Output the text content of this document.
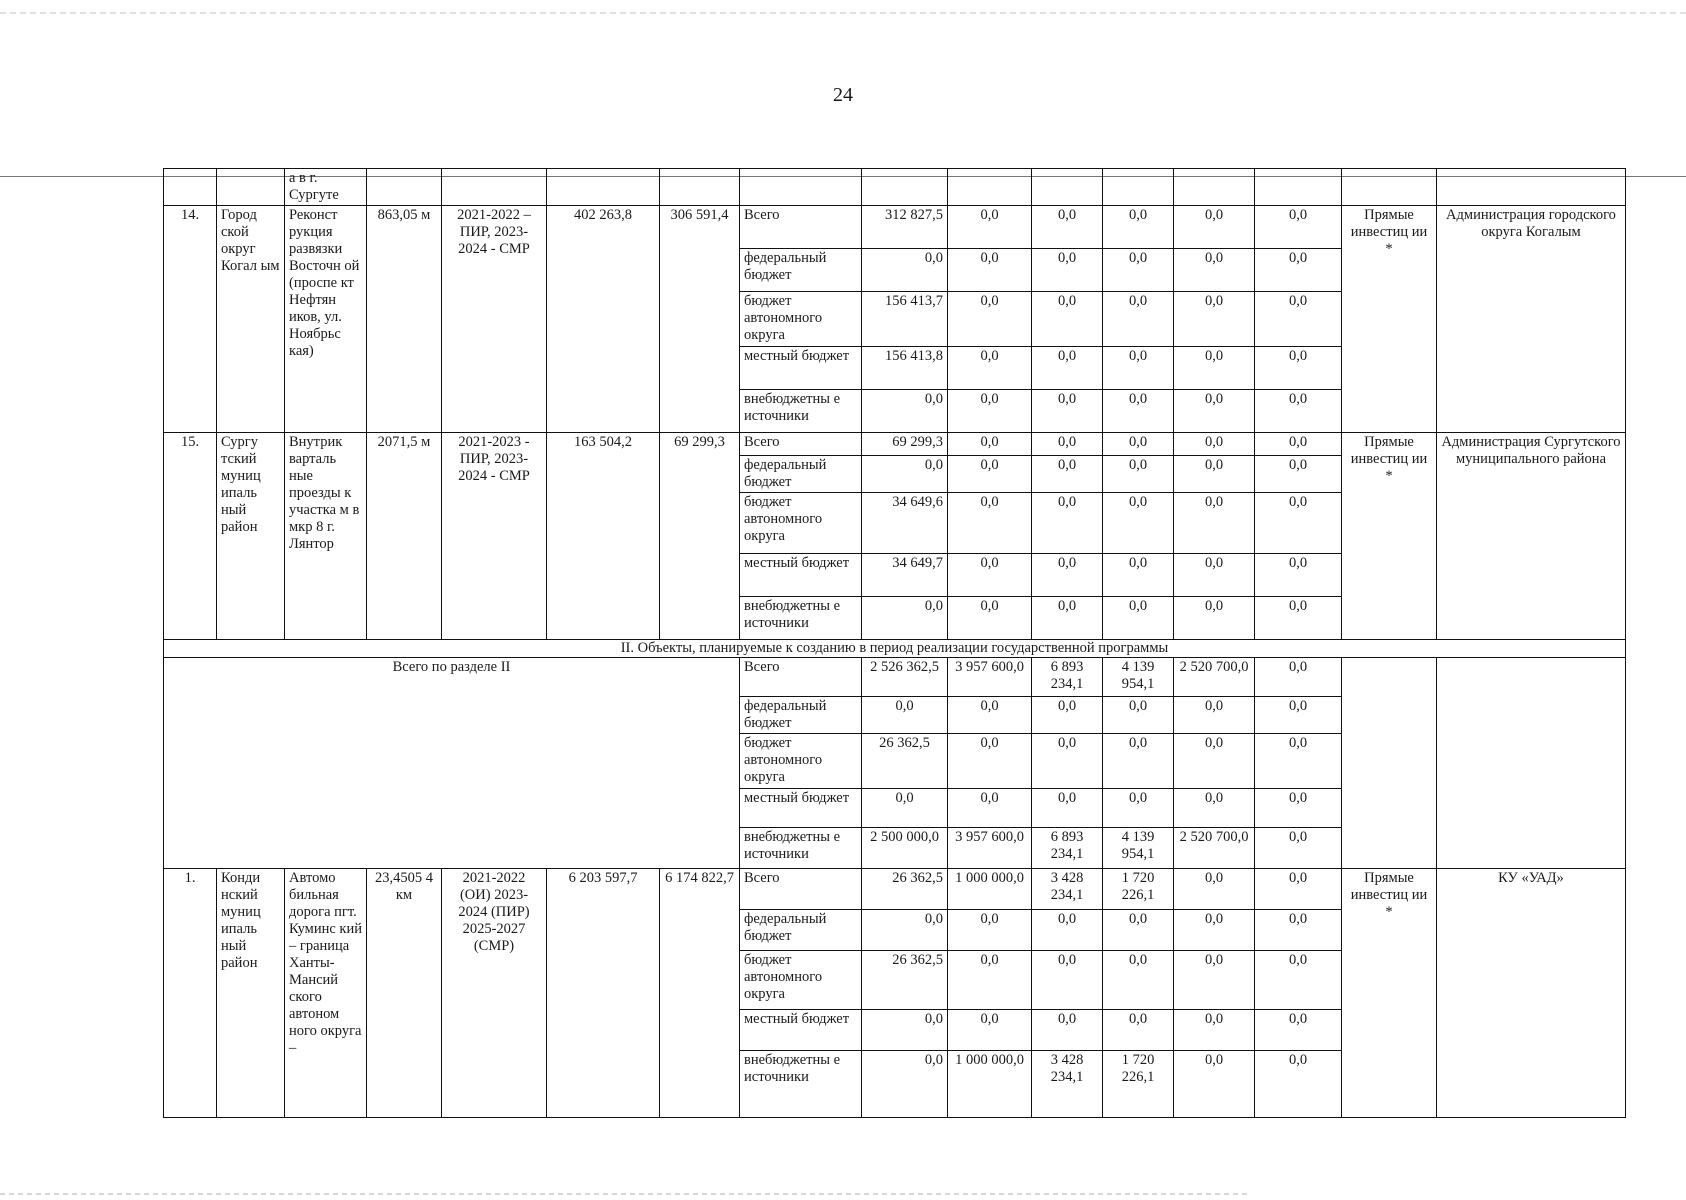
24
		а в г. Сургуте													
14.	Город ской округ Когал ым	Реконст рукция развязки Восточн ой (проспе кт Нефтян иков, ул. Ноябрьс кая)	863,05 м	2021-2022 – ПИР, 2023-2024 - СМР	402 263,8	306 591,4	Всего	312 827,5	0,0	0,0	0,0	0,0	0,0	Прямые инвестиц ии *	Администрация городского округа Когалым
							федеральный бюджет	0,0	0,0	0,0	0,0	0,0	0,0		
							бюджет автономного округа	156 413,7	0,0	0,0	0,0	0,0	0,0		
							местный бюджет	156 413,8	0,0	0,0	0,0	0,0	0,0		
							внебюджетны е источники	0,0	0,0	0,0	0,0	0,0	0,0		
15.	Сургу тский муниц ипаль ный район	Внутрик варталь ные проезды к участка м в мкр 8 г. Лянтор	2071,5 м	2021-2023 - ПИР, 2023-2024 - СМР	163 504,2	69 299,3	Всего	69 299,3	0,0	0,0	0,0	0,0	0,0	Прямые инвестиц ии *	Администрация Сургутского муниципального района
							федеральный бюджет	0,0	0,0	0,0	0,0	0,0	0,0		
							бюджет автономного округа	34 649,6	0,0	0,0	0,0	0,0	0,0		
							местный бюджет	34 649,7	0,0	0,0	0,0	0,0	0,0		
							внебюджетны е источники	0,0	0,0	0,0	0,0	0,0	0,0		
II. Объекты, планируемые к созданию в период реализации государственной программы															
Всего по разделе II							Всего	2 526 362,5	3 957 600,0	6 893 234,1	4 139 954,1	2 520 700,0	0,0		
							федеральный бюджет	0,0	0,0	0,0	0,0	0,0	0,0		
							бюджет автономного округа	26 362,5	0,0	0,0	0,0	0,0	0,0		
							местный бюджет	0,0	0,0	0,0	0,0	0,0	0,0		
							внебюджетны е источники	2 500 000,0	3 957 600,0	6 893 234,1	4 139 954,1	2 520 700,0	0,0		
1.	Конди нский муниц ипаль ный район	Автомо бильная дорога пгт. Куминс кий – граница Ханты- Мансий ского автоном ного округа –	23,4505 4 км	2021-2022 (ОИ) 2023- 2024 (ПИР) 2025-2027 (СМР)	6 203 597,7	6 174 822,7	Всего	26 362,5	1 000 000,0	3 428 234,1	1 720 226,1	0,0	0,0	Прямые инвестиц ии *	КУ «УАД»
							федеральный бюджет	0,0	0,0	0,0	0,0	0,0	0,0		
							бюджет автономного округа	26 362,5	0,0	0,0	0,0	0,0	0,0		
							местный бюджет	0,0	0,0	0,0	0,0	0,0	0,0		
							внебюджетны е источники	0,0	1 000 000,0	3 428 234,1	1 720 226,1	0,0	0,0		
